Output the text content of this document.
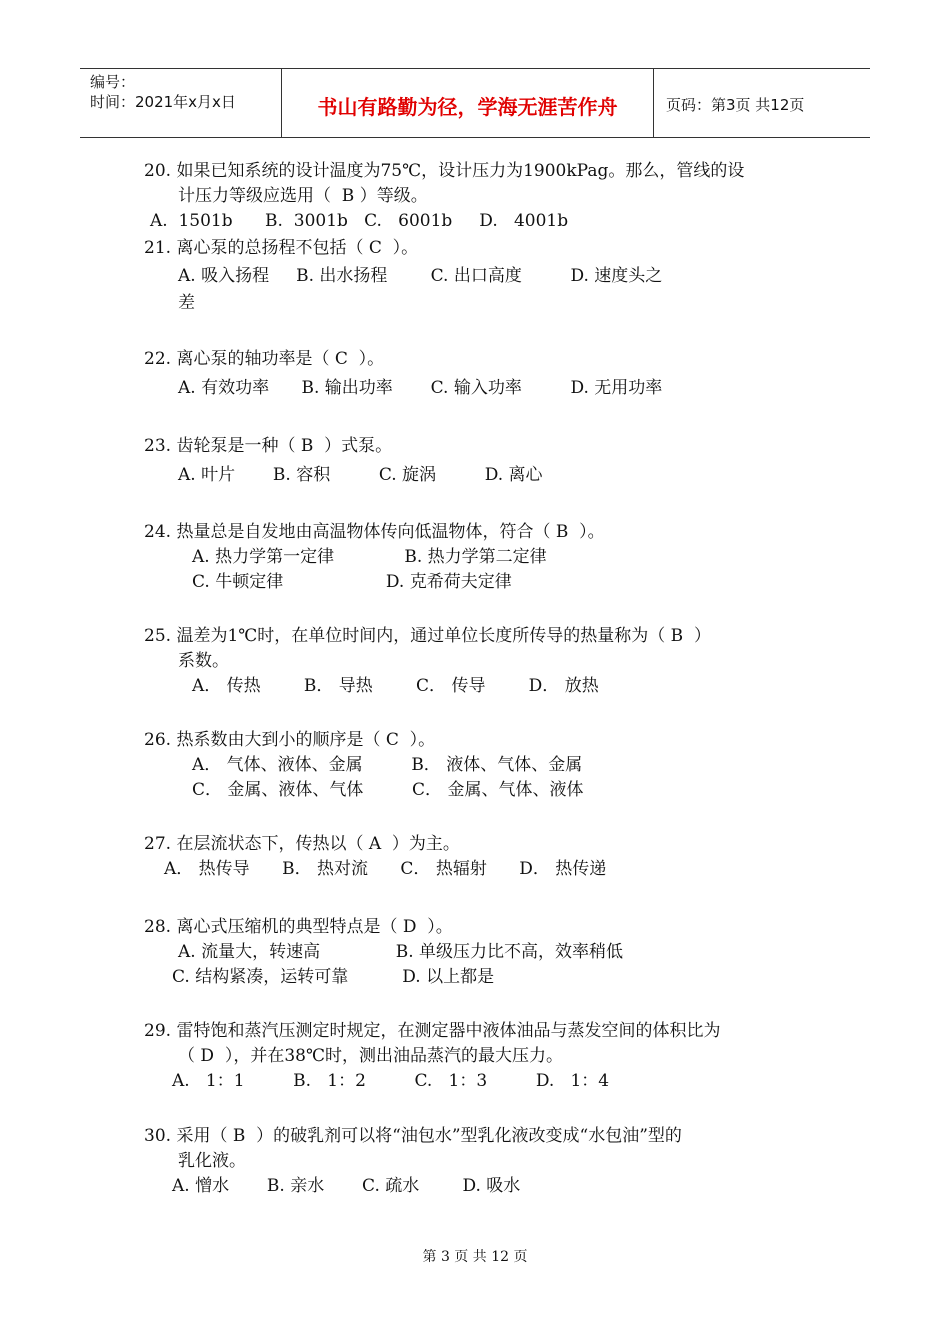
编号：
时间：2021年x月x日	书山有路勤为径，学海无涯苦作舟	页码：第3页 共12页
20. 如果已知系统的设计温度为75℃，设计压力为1900kPag。那么，管线的设
计压力等级应选用（  B ）等级。
A.  1501b      B.  3001b   C.   6001b     D.   4001b
21. 离心泵的总扬程不包括（ C  ）。
A. 吸入扬程     B. 出水扬程        C. 出口高度         D. 速度头之
差
22. 离心泵的轴功率是（ C  ）。
A. 有效功率      B. 输出功率       C. 输入功率         D. 无用功率
23. 齿轮泵是一种（ B  ）式泵。
A. 叶片       B. 容积         C. 旋涡         D. 离心
24. 热量总是自发地由高温物体传向低温物体，符合（ B  ）。
A. 热力学第一定律             B. 热力学第二定律
C. 牛顿定律                   D. 克希荷夫定律
25. 温差为1℃时，在单位时间内，通过单位长度所传导的热量称为（ B  ）
系数。
A． 传热        B． 导热        C． 传导        D． 放热
26. 热系数由大到小的顺序是（ C  ）。
A． 气体、液体、金属         B． 液体、气体、金属
C． 金属、液体、气体         C． 金属、气体、液体
27. 在层流状态下，传热以（ A  ）为主。
A． 热传导      B． 热对流      C． 热辐射      D． 热传递
28. 离心式压缩机的典型特点是（ D  ）。
A. 流量大，转速高              B. 单级压力比不高，效率稍低
C. 结构紧凑，运转可靠          D. 以上都是
29. 雷特饱和蒸汽压测定时规定，在测定器中液体油品与蒸发空间的体积比为
（ D  ），并在38℃时，测出油品蒸汽的最大压力。
A.   1：1         B.   1：2         C.   1：3         D.   1：4
30. 采用（ B  ）的破乳剂可以将“油包水”型乳化液改变成“水包油”型的
乳化液。
A. 憎水       B. 亲水       C. 疏水        D. 吸水
第 3 页 共 12 页
